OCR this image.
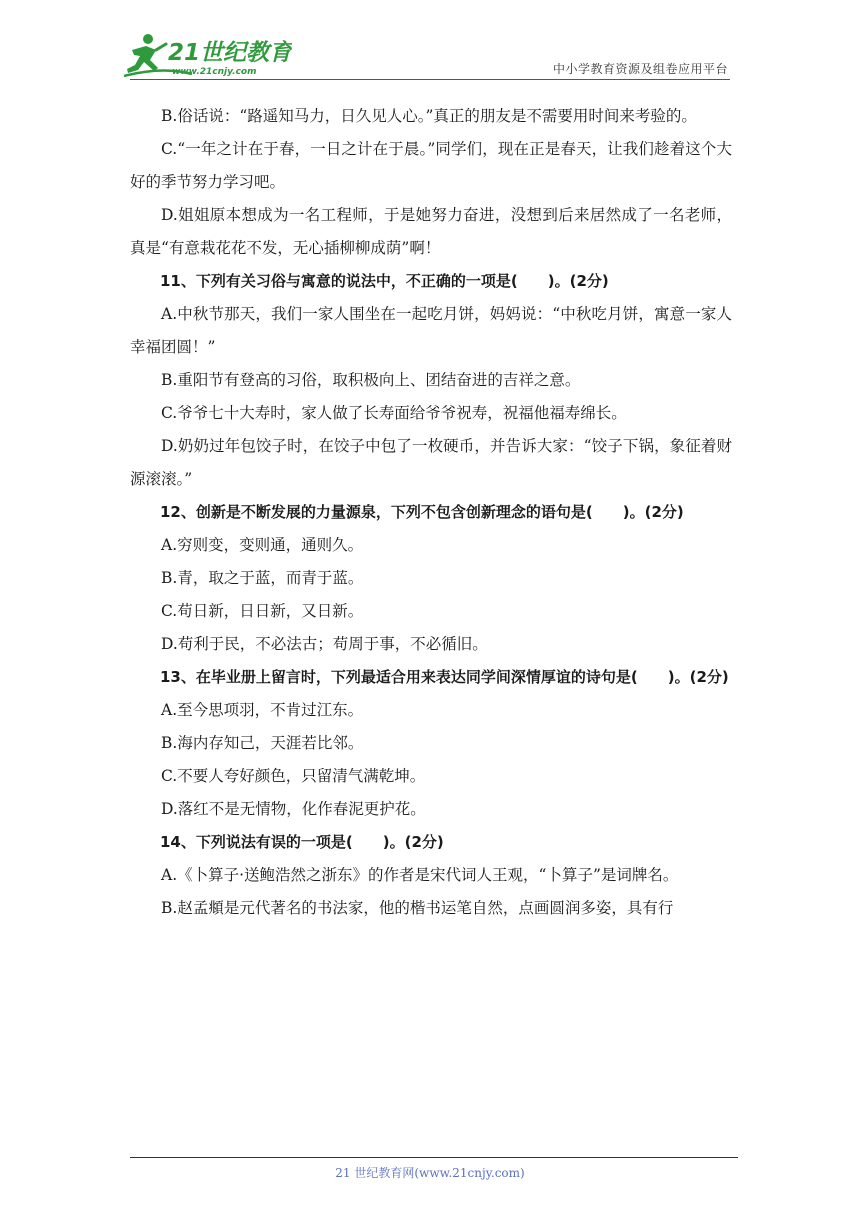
21世纪教育
www.21cnjy.com	中小学教育资源及组卷应用平台

B.俗话说：“路遥知马力，日久见人心。”真正的朋友是不需要用时间来考验的。

C.“一年之计在于春，一日之计在于晨。”同学们，现在正是春天，让我们趁着这个大好的季节努力学习吧。

D.姐姐原本想成为一名工程师，于是她努力奋进，没想到后来居然成了一名老师，真是“有意栽花花不发，无心插柳柳成荫”啊！

11、下列有关习俗与寓意的说法中，不正确的一项是(　　)。(2分)

A.中秋节那天，我们一家人围坐在一起吃月饼，妈妈说：“中秋吃月饼，寓意一家人幸福团圆！”

B.重阳节有登高的习俗，取积极向上、团结奋进的吉祥之意。

C.爷爷七十大寿时，家人做了长寿面给爷爷祝寿，祝福他福寿绵长。

D.奶奶过年包饺子时，在饺子中包了一枚硬币，并告诉大家：“饺子下锅，象征着财源滚滚。”

12、创新是不断发展的力量源泉，下列不包含创新理念的语句是(　　)。(2分)

A.穷则变，变则通，通则久。

B.青，取之于蓝，而青于蓝。

C.苟日新，日日新，又日新。

D.苟利于民，不必法古；苟周于事，不必循旧。

13、在毕业册上留言时，下列最适合用来表达同学间深情厚谊的诗句是(　　)。(2分)

A.至今思项羽，不肯过江东。

B.海内存知己，天涯若比邻。

C.不要人夸好颜色，只留清气满乾坤。

D.落红不是无情物，化作春泥更护花。

14、下列说法有误的一项是(　　)。(2分)

A.《卜算子·送鲍浩然之浙东》的作者是宋代词人王观，“卜算子”是词牌名。

B.赵孟頫是元代著名的书法家，他的楷书运笔自然，点画圆润多姿，具有行

21 世纪教育网(www.21cnjy.com)
